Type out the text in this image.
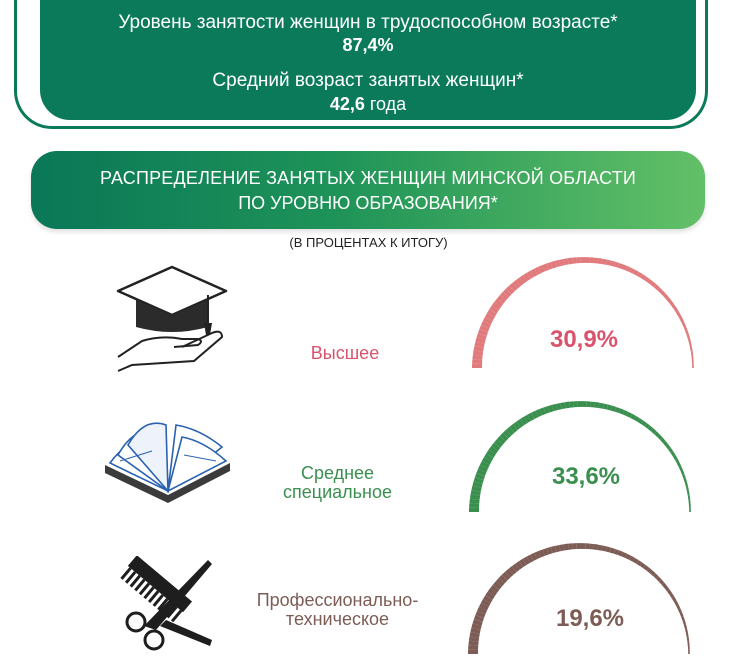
Уровень занятости женщин в трудоспособном возрасте*
87,4%
Средний возраст занятых женщин*
42,6 года
РАСПРЕДЕЛЕНИЕ ЗАНЯТЫХ ЖЕНЩИН МИНСКОЙ ОБЛАСТИ
ПО УРОВНЮ ОБРАЗОВАНИЯ*
(В ПРОЦЕНТАХ К ИТОГУ)
Высшее
Среднее
специальное
Профессионально-
техническое
30,9%
33,6%
19,6%
